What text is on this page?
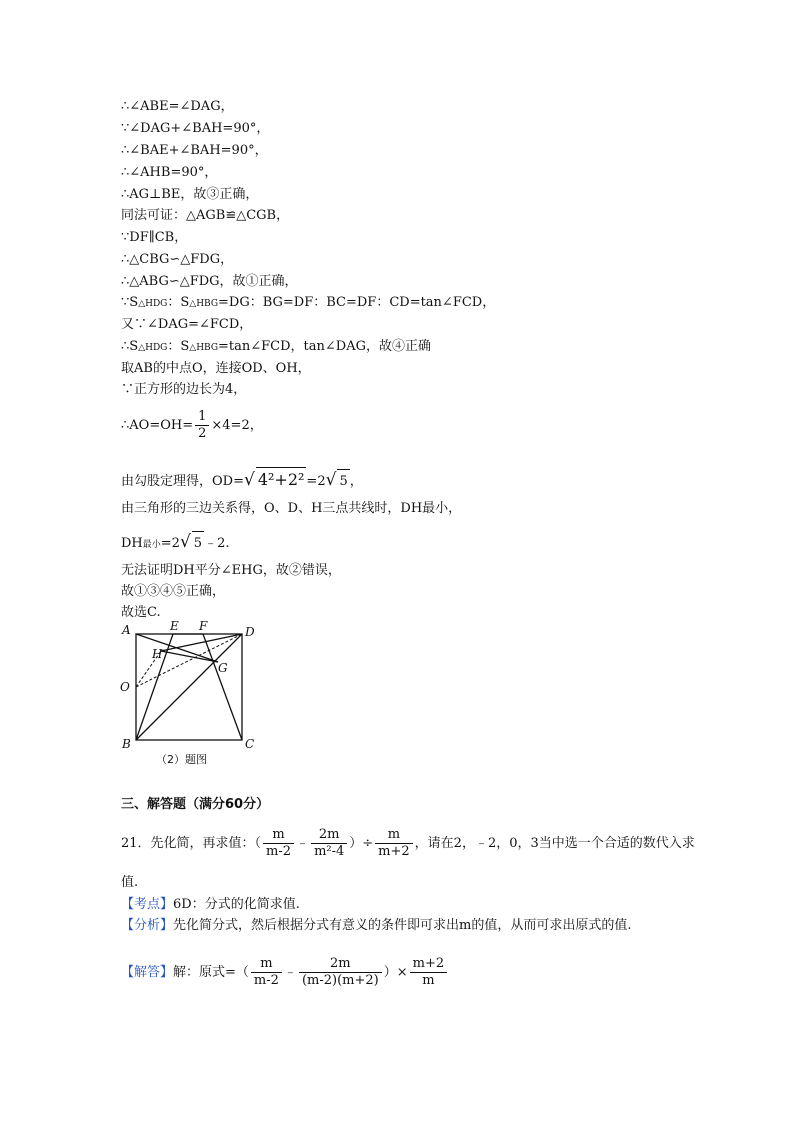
∴∠ABE=∠DAG，
∵∠DAG+∠BAH=90°，
∴∠BAE+∠BAH=90°，
∴∠AHB=90°，
∴AG⊥BE，故③正确，
同法可证：△AGB≌△CGB，
∵DF∥CB，
∴△CBG∽△FDG，
∴△ABG∽△FDG，故①正确，
∵S△HDG：S△HBG=DG：BG=DF：BC=DF：CD=tan∠FCD，
又∵∠DAG=∠FCD，
∴S△HDG：S△HBG=tan∠FCD，tan∠DAG，故④正确
取AB的中点O，连接OD、OH，
∵正方形的边长为4，
∴AO=OH= $\frac{1}{2} \times 4=2$，
由勾股定理得，OD=√ 4²+2² =2√ 5 ，
由三角形的三边关系得，O、D、H三点共线时，DH最小，
DH最小=2√ 5 ﹣2.
无法证明DH平分∠EHG，故②错误，
故①③④⑤正确，
故选C.
A	E F	D
H
G
O
B	C
（2）题图
三、解答题（满分60分）
21．先化简，再求值：（ $\frac{m}{m-2}$ ﹣ $\frac{2m}{\text{m²-4}}$ ）÷ $\frac{m}{m+2}$ ，请在2，﹣2，0，3当中选一个合适的数代入求
值.
【考点】6D：分式的化简求值.
【分析】先化简分式，然后根据分式有意义的条件即可求出m的值，从而可求出原式的值.
【解答】解：原式=（ $\frac{m}{m-2}$ ﹣ $\frac{2m}{(m-2)(m+2)}$ ）× $\frac{m+2}{m}$
